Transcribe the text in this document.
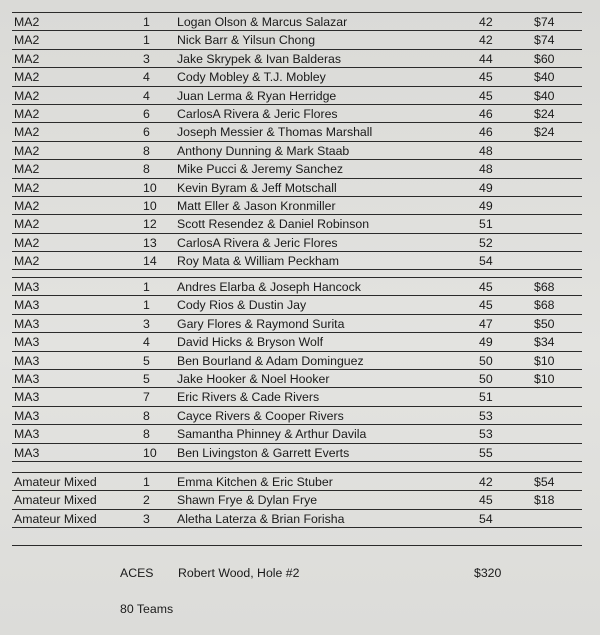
MA2	1 Logan Olson & Marcus Salazar	42	$74
MA2	1 Nick Barr & Yilsun Chong	42	$74
MA2	3 Jake Skrypek & Ivan Balderas	44	$60
MA2	4 Cody Mobley & T.J. Mobley	45	$40
MA2	4 Juan Lerma & Ryan Herridge	45	$40
MA2	6 CarlosA Rivera & Jeric Flores	46	$24
MA2	6 Joseph Messier & Thomas Marshall	46	$24
MA2	8 Anthony Dunning & Mark Staab	48
MA2	8 Mike Pucci & Jeremy Sanchez	48
MA2	10 Kevin Byram & Jeff Motschall	49
MA2	10 Matt Eller & Jason Kronmiller	49
MA2	12 Scott Resendez & Daniel Robinson	51
MA2	13 CarlosA Rivera & Jeric Flores	52
MA2	14 Roy Mata & William Peckham	54
MA3	1 Andres Elarba & Joseph Hancock	45	$68
MA3	1 Cody Rios & Dustin Jay	45	$68
MA3	3 Gary Flores & Raymond Surita	47	$50
MA3	4 David Hicks & Bryson Wolf	49	$34
MA3	5 Ben Bourland & Adam Dominguez	50	$10
MA3	5 Jake Hooker & Noel Hooker	50	$10
MA3	7 Eric Rivers & Cade Rivers	51
MA3	8 Cayce Rivers & Cooper Rivers	53
MA3	8 Samantha Phinney & Arthur Davila	53
MA3	10 Ben Livingston & Garrett Everts	55
Amateur Mixed	1 Emma Kitchen & Eric Stuber	42	$54
Amateur Mixed	2 Shawn Frye & Dylan Frye	45	$18
Amateur Mixed	3 Aletha Laterza & Brian Forisha	54
ACES Robert Wood, Hole #2	$320
80 Teams
